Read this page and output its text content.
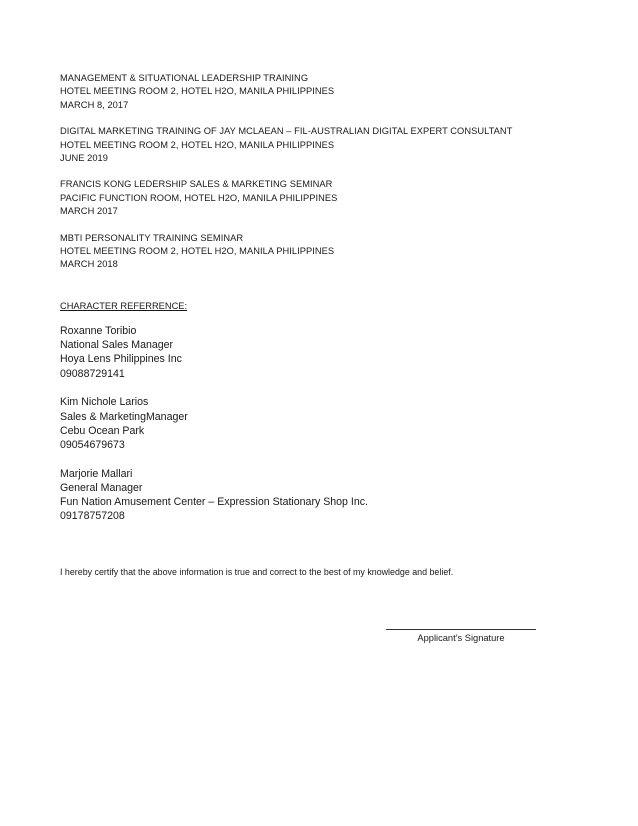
MANAGEMENT & SITUATIONAL LEADERSHIP TRAINING
HOTEL MEETING ROOM 2, HOTEL H2O, MANILA PHILIPPINES
MARCH 8, 2017
DIGITAL MARKETING TRAINING OF JAY MCLAEAN – FIL-AUSTRALIAN DIGITAL EXPERT CONSULTANT
HOTEL MEETING ROOM 2, HOTEL H2O, MANILA PHILIPPINES
JUNE 2019
FRANCIS KONG LEDERSHIP SALES & MARKETING SEMINAR
PACIFIC FUNCTION ROOM, HOTEL H2O, MANILA PHILIPPINES
MARCH 2017
MBTI PERSONALITY TRAINING SEMINAR
HOTEL MEETING ROOM 2, HOTEL H2O, MANILA PHILIPPINES
MARCH 2018
CHARACTER REFERRENCE:
Roxanne Toribio
National Sales Manager
Hoya Lens Philippines Inc
09088729141
Kim Nichole Larios
Sales & MarketingManager
Cebu Ocean Park
09054679673
Marjorie Mallari
General Manager
Fun Nation Amusement Center – Expression Stationary Shop Inc.
09178757208
I hereby certify that the above information is true and correct to the best of my knowledge and belief.
Applicant’s Signature
